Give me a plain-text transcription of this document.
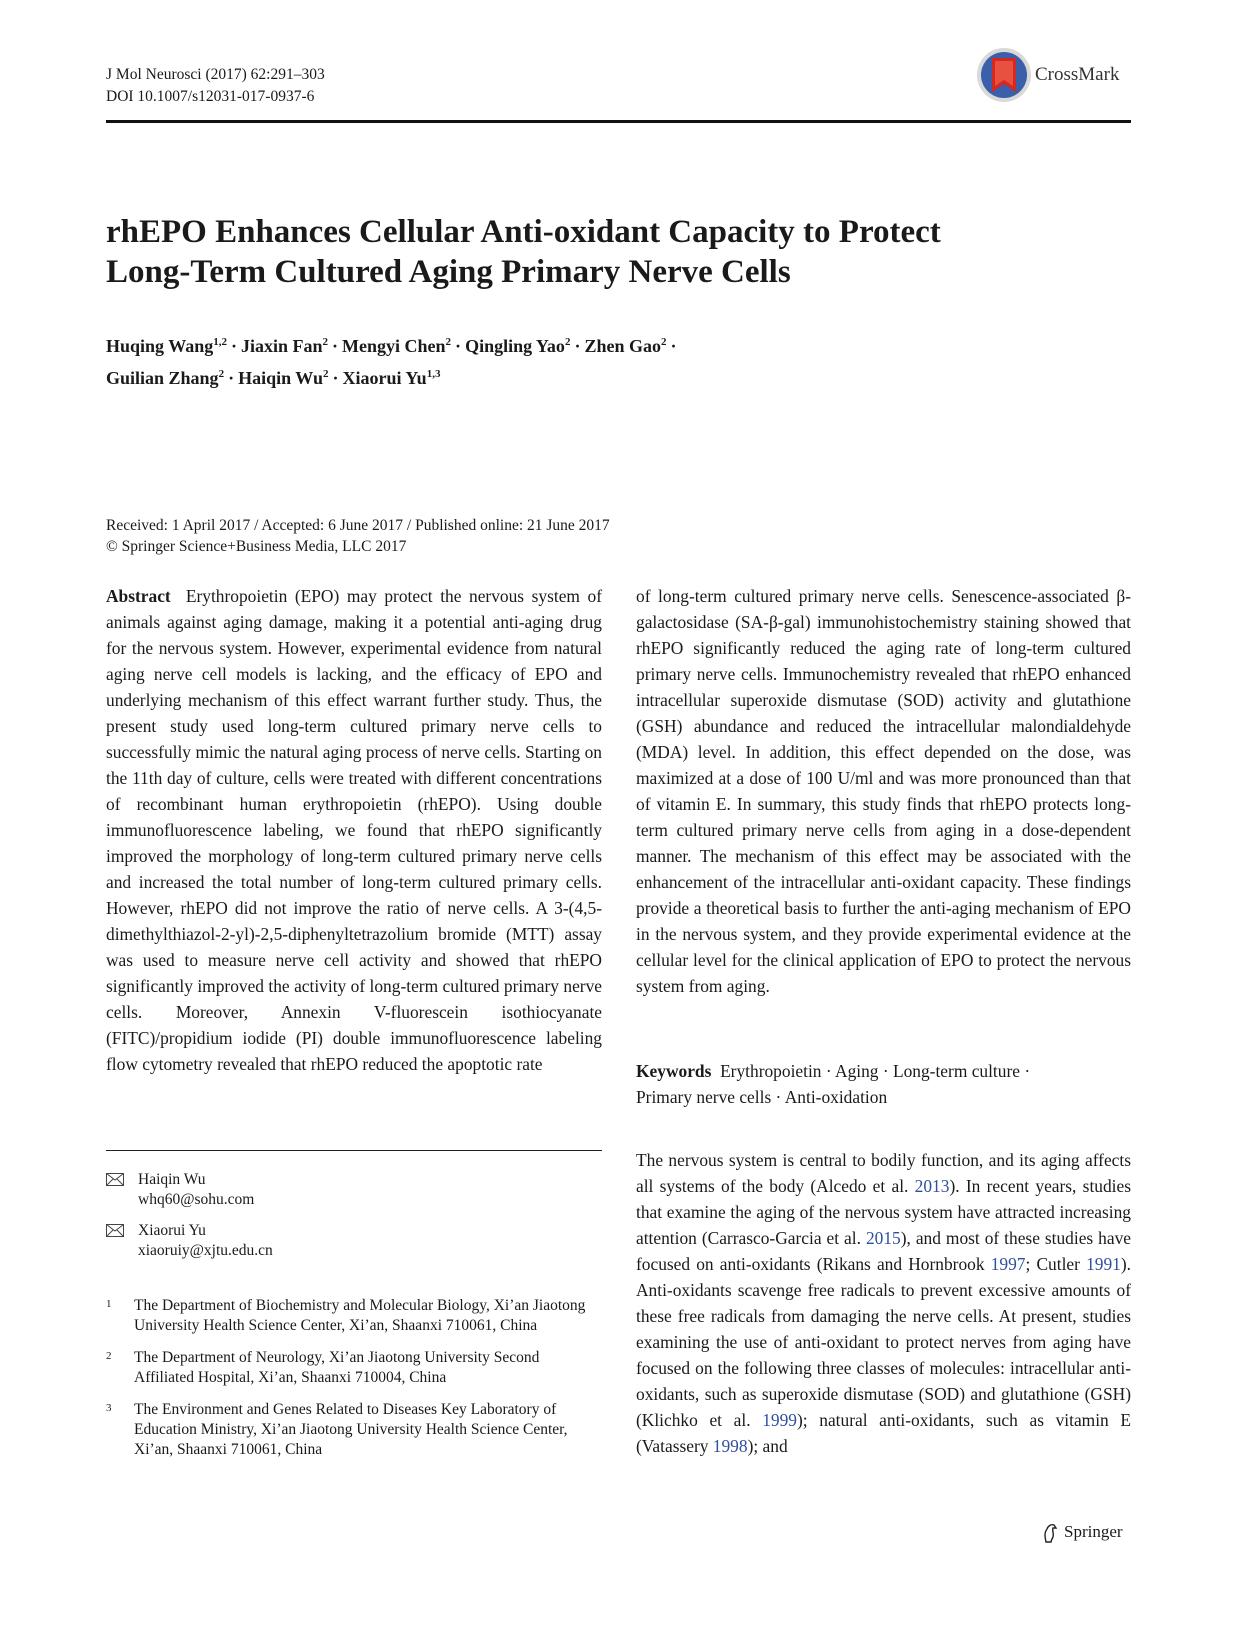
J Mol Neurosci (2017) 62:291–303
DOI 10.1007/s12031-017-0937-6
CrossMark
rhEPO Enhances Cellular Anti-oxidant Capacity to Protect
Long-Term Cultured Aging Primary Nerve Cells
Huqing Wang$^{1,2}$ · Jiaxin Fan$^2$ · Mengyi Chen$^2$ · Qingling Yao$^2$ · Zhen Gao$^2$ ·
Guilian Zhang$^2$ · Haiqin $Wu^2$ · Xiaorui Yu$^{1,3}$
Received: 1 April 2017 / Accepted: 6 June 2017 / Published online: 21 June 2017
© Springer Science+Business Media, LLC 2017
Abstract Erythropoietin (EPO) may protect the nervous system of animals against aging damage, making it a potential anti-aging drug for the nervous system. However, experimental evidence from natural aging nerve cell models is lacking, and the efficacy of EPO and underlying mechanism of this effect warrant further study. Thus, the present study used long-term cultured primary nerve cells to successfully mimic the natural aging process of nerve cells. Starting on the 11th day of culture, cells were treated with different concentrations of recombinant human erythropoietin (rhEPO). Using double immunofluorescence labeling, we found that rhEPO significantly improved the morphology of long-term cultured primary nerve cells and increased the total number of long-term cultured primary cells. However, rhEPO did not improve the ratio of nerve cells. A 3-(4,5-dimethylthiazol-2-yl)-2,5-diphenyltetrazolium bromide (MTT) assay was used to measure nerve cell activity and showed that rhEPO significantly improved the activity of long-term cultured primary nerve cells. Moreover, Annexin V-fluorescein isothiocyanate (FITC)/propidium iodide (PI) double immunofluorescence labeling flow cytometry revealed that rhEPO reduced the apoptotic rate
of long-term cultured primary nerve cells. Senescence-associated β-galactosidase (SA-β-gal) immunohistochemistry staining showed that rhEPO significantly reduced the aging rate of long-term cultured primary nerve cells. Immunochemistry revealed that rhEPO enhanced intracellular superoxide dismutase (SOD) activity and glutathione (GSH) abundance and reduced the intracellular malondialdehyde (MDA) level. In addition, this effect depended on the dose, was maximized at a dose of 100 U/ml and was more pronounced than that of vitamin E. In summary, this study finds that rhEPO protects long-term cultured primary nerve cells from aging in a dose-dependent manner. The mechanism of this effect may be associated with the enhancement of the intracellular anti-oxidant capacity. These findings provide a theoretical basis to further the anti-aging mechanism of EPO in the nervous system, and they provide experimental evidence at the cellular level for the clinical application of EPO to protect the nervous system from aging.
Keywords Erythropoietin · Aging · Long-term culture ·
Primary nerve cells · Anti-oxidation
The nervous system is central to bodily function, and its aging affects all systems of the body (Alcedo et al. 2013). In recent years, studies that examine the aging of the nervous system have attracted increasing attention (Carrasco-Garcia et al. 2015), and most of these studies have focused on anti-oxidants (Rikans and Hornbrook 1997; Cutler 1991). Anti-oxidants scavenge free radicals to prevent excessive amounts of these free radicals from damaging the nerve cells. At present, studies examining the use of anti-oxidant to protect nerves from aging have focused on the following three classes of molecules: intracellular anti-oxidants, such as superoxide dismutase (SOD) and glutathione (GSH) (Klichko et al. 1999); natural anti-oxidants, such as vitamin E (Vatassery 1998); and
Haiqin Wu
whq60@sohu.com
Xiaorui Yu
xiaoruiy@xjtu.edu.cn
1 The Department of Biochemistry and Molecular Biology, Xi’an Jiaotong University Health Science Center, Xi’an, Shaanxi 710061, China
2 The Department of Neurology, Xi’an Jiaotong University Second Affiliated Hospital, Xi’an, Shaanxi 710004, China
3 The Environment and Genes Related to Diseases Key Laboratory of Education Ministry, Xi’an Jiaotong University Health Science Center, Xi’an, Shaanxi 710061, China
Springer
